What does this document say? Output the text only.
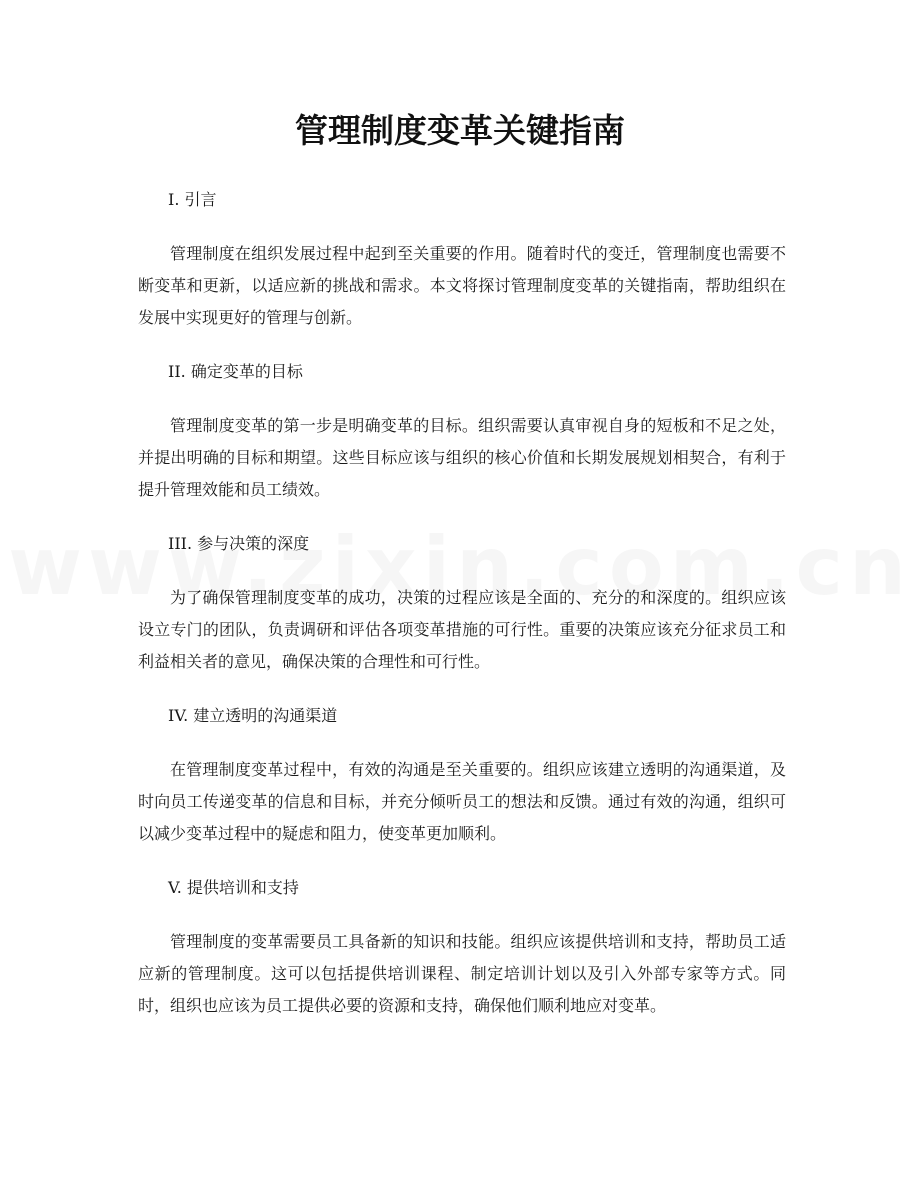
管理制度变革关键指南
I. 引言

管理制度在组织发展过程中起到至关重要的作用。随着时代的变迁，管理制度也需要不断变革和更新，以适应新的挑战和需求。本文将探讨管理制度变革的关键指南，帮助组织在发展中实现更好的管理与创新。

II. 确定变革的目标

管理制度变革的第一步是明确变革的目标。组织需要认真审视自身的短板和不足之处，并提出明确的目标和期望。这些目标应该与组织的核心价值和长期发展规划相契合，有利于提升管理效能和员工绩效。

III. 参与决策的深度

为了确保管理制度变革的成功，决策的过程应该是全面的、充分的和深度的。组织应该设立专门的团队，负责调研和评估各项变革措施的可行性。重要的决策应该充分征求员工和利益相关者的意见，确保决策的合理性和可行性。

IV. 建立透明的沟通渠道

在管理制度变革过程中，有效的沟通是至关重要的。组织应该建立透明的沟通渠道，及时向员工传递变革的信息和目标，并充分倾听员工的想法和反馈。通过有效的沟通，组织可以减少变革过程中的疑虑和阻力，使变革更加顺利。

V. 提供培训和支持

管理制度的变革需要员工具备新的知识和技能。组织应该提供培训和支持，帮助员工适应新的管理制度。这可以包括提供培训课程、制定培训计划以及引入外部专家等方式。同时，组织也应该为员工提供必要的资源和支持，确保他们顺利地应对变革。
